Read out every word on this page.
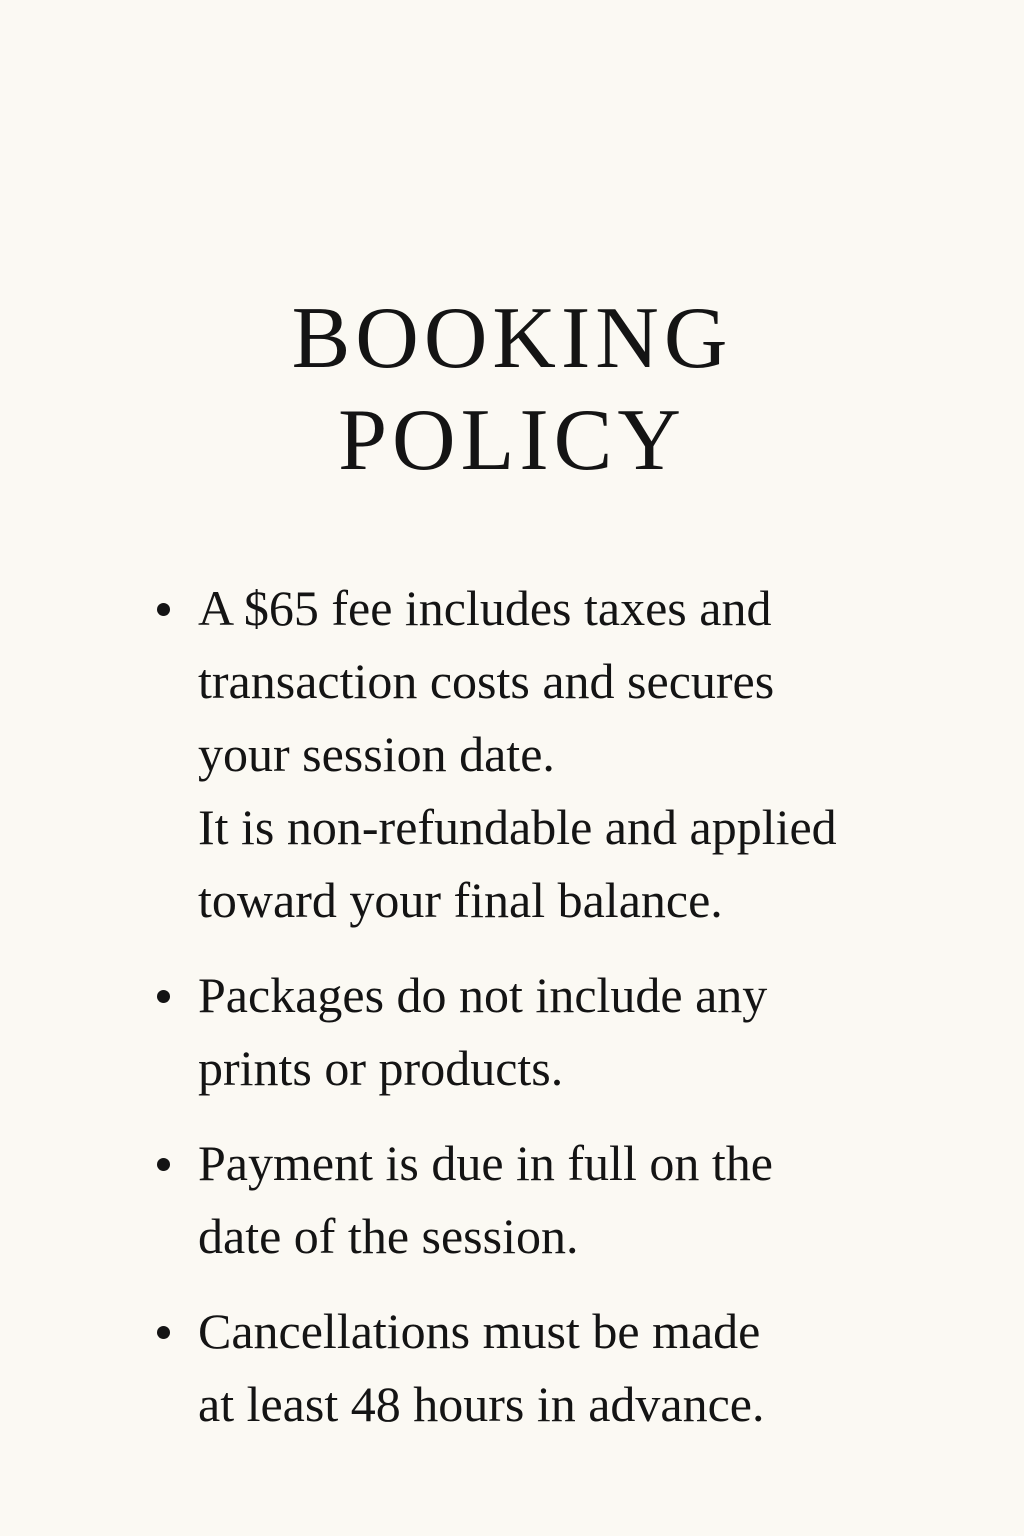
BOOKING
POLICY
A $65 fee includes taxes and
transaction costs and secures
your session date.
It is non-refundable and applied
toward your final balance.
Packages do not include any
prints or products.
Payment is due in full on the
date of the session.
Cancellations must be made
at least 48 hours in advance.
